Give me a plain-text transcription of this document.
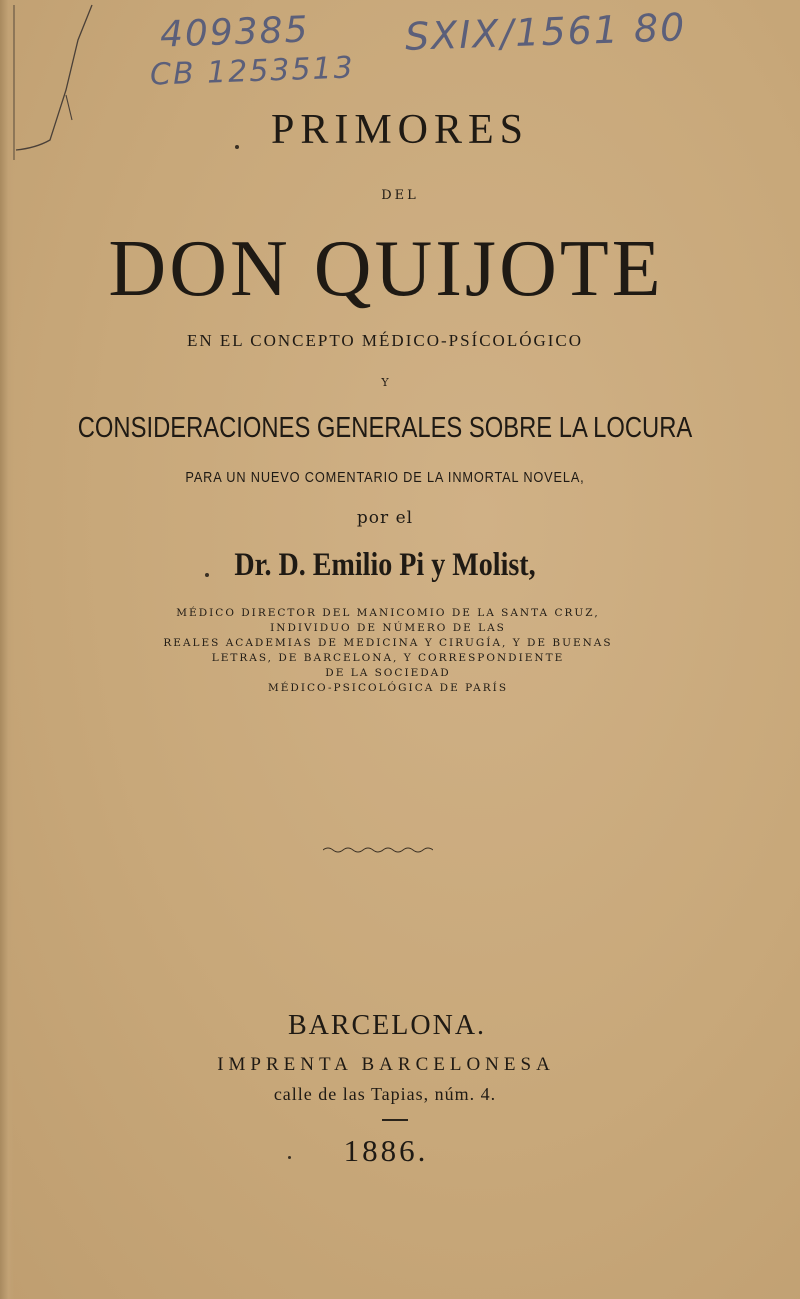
409385
CB 1253513
SXIX/1561 80
PRIMORES
DEL
DON QUIJOTE
EN EL CONCEPTO MÉDICO-PSÍCOLÓGICO
Y
CONSIDERACIONES GENERALES SOBRE LA LOCURA
PARA UN NUEVO COMENTARIO DE LA INMORTAL NOVELA,
por el
Dr. D. Emilio Pi y Molist,
MÉDICO DIRECTOR DEL MANICOMIO DE LA SANTA CRUZ,
INDIVIDUO DE NÚMERO DE LAS
REALES ACADEMIAS DE MEDICINA Y CIRUGÍA, Y DE BUENAS
LETRAS, DE BARCELONA, Y CORRESPONDIENTE
DE LA SOCIEDAD
MÉDICO-PSICOLÓGICA DE PARÍS
BARCELONA.
IMPRENTA BARCELONESA
calle de las Tapias, núm. 4.
1886.
